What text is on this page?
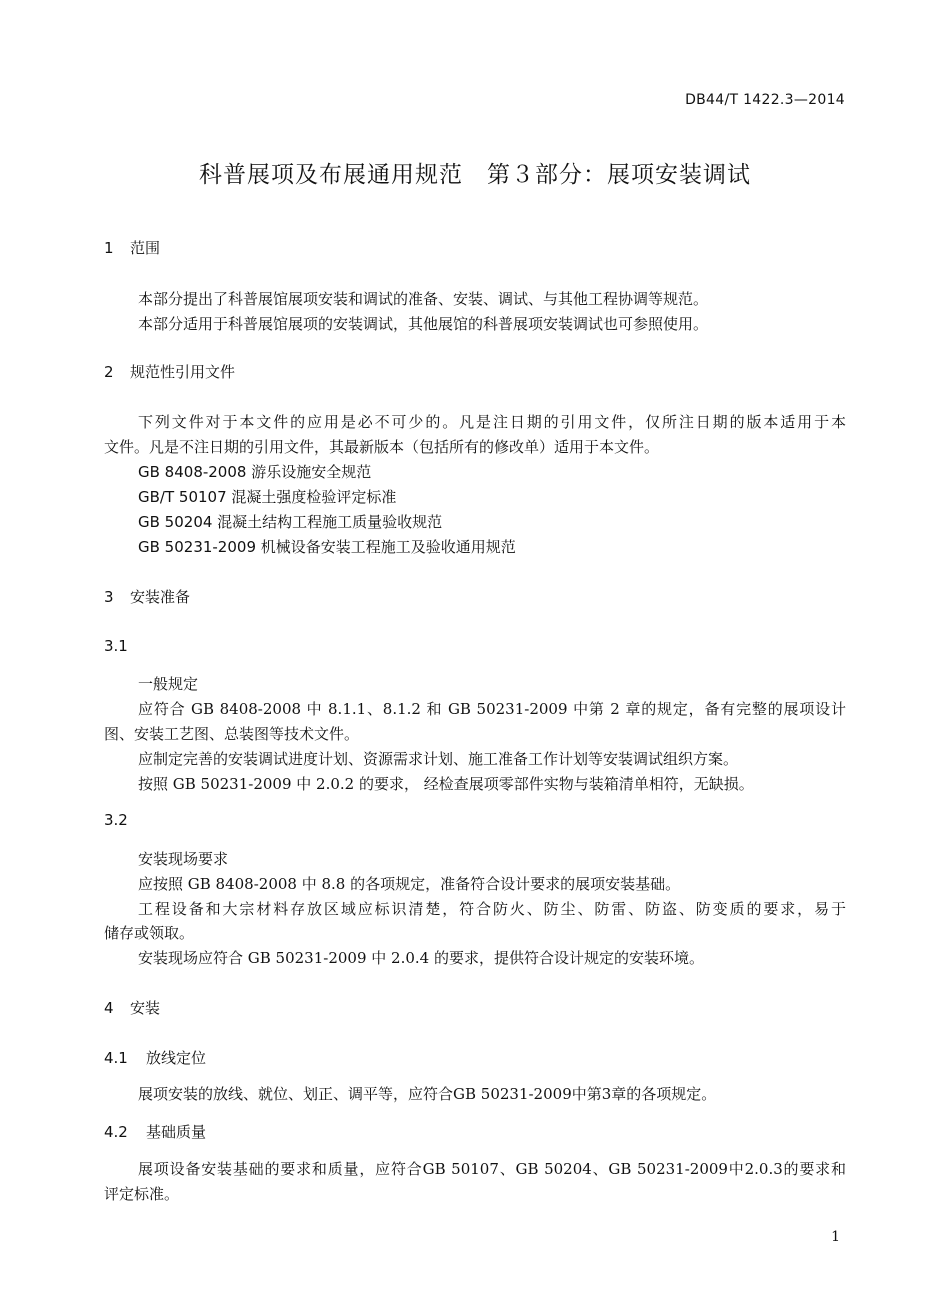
DB44/T 1422.3—2014
科普展项及布展通用规范　第３部分：展项安装调试
1 范围
本部分提出了科普展馆展项安装和调试的准备、安装、调试、与其他工程协调等规范。
本部分适用于科普展馆展项的安装调试，其他展馆的科普展项安装调试也可参照使用。
2 规范性引用文件
下列文件对于本文件的应用是必不可少的。凡是注日期的引用文件，仅所注日期的版本适用于本
文件。凡是不注日期的引用文件，其最新版本（包括所有的修改单）适用于本文件。
GB 8408-2008 游乐设施安全规范
GB/T 50107 混凝土强度检验评定标准
GB 50204 混凝土结构工程施工质量验收规范
GB 50231-2009 机械设备安装工程施工及验收通用规范
3 安装准备
3.1
一般规定
应符合 GB 8408-2008 中 8.1.1、8.1.2 和 GB 50231-2009 中第 2 章的规定，备有完整的展项设计
图、安装工艺图、总装图等技术文件。
应制定完善的安装调试进度计划、资源需求计划、施工准备工作计划等安装调试组织方案。
按照 GB 50231-2009 中 2.0.2 的要求， 经检查展项零部件实物与装箱清单相符，无缺损。
3.2
安装现场要求
应按照 GB 8408-2008 中 8.8 的各项规定，准备符合设计要求的展项安装基础。
工程设备和大宗材料存放区域应标识清楚，符合防火、防尘、防雷、防盗、防变质的要求，易于
储存或领取。
安装现场应符合 GB 50231-2009 中 2.0.4 的要求，提供符合设计规定的安装环境。
4 安装
4.1 放线定位
展项安装的放线、就位、划正、调平等，应符合GB 50231-2009中第3章的各项规定。
4.2 基础质量
展项设备安装基础的要求和质量，应符合GB 50107、GB 50204、GB 50231-2009中2.0.3的要求和
评定标准。
1
